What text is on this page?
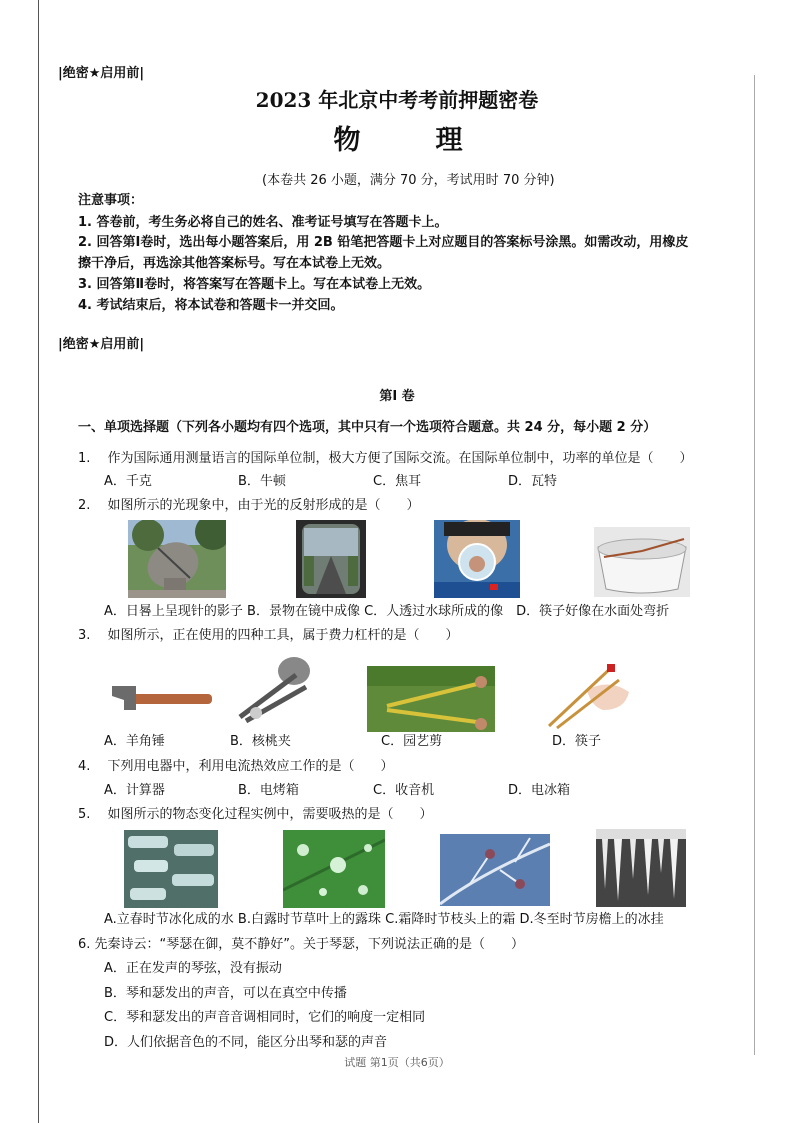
|绝密★启用前|
2023 年北京中考考前押题密卷
物　理
(本卷共 26 小题，满分 70 分，考试用时 70 分钟)
注意事项：
1. 答卷前，考生务必将自己的姓名、准考证号填写在答题卡上。
2. 回答第Ⅰ卷时，选出每小题答案后，用 2B 铅笔把答题卡上对应题目的答案标号涂黑。如需改动，用橡皮
擦干净后，再选涂其他答案标号。写在本试卷上无效。
3. 回答第Ⅱ卷时，将答案写在答题卡上。写在本试卷上无效。
4. 考试结束后，将本试卷和答题卡一并交回。
|绝密★启用前|
第Ⅰ 卷
一、单项选择题（下列各小题均有四个选项，其中只有一个选项符合题意。共 24 分，每小题 2 分）
1.　 作为国际通用测量语言的国际单位制，极大方便了国际交流。在国际单位制中，功率的单位是（　　）
A．千克	B．牛顿	C．焦耳	D．瓦特
2.　 如图所示的光现象中，由于光的反射形成的是（　　）
A．日晷上呈现针的影子 B．景物在镜中成像 C．人透过水球所成的像　D．筷子好像在水面处弯折
3.　 如图所示，正在使用的四种工具，属于费力杠杆的是（　　）
A．羊角锤	B．核桃夹	C．园艺剪	D．筷子
4.　 下列用电器中，利用电流热效应工作的是（　　）
A．计算器	B．电烤箱	C．收音机	D．电冰箱
5.　 如图所示的物态变化过程实例中，需要吸热的是（　　）
A.立春时节冰化成的水 B.白露时节草叶上的露珠 C.霜降时节枝头上的霜 D.冬至时节房檐上的冰挂
6. 先秦诗云：“琴瑟在御，莫不静好”。关于琴瑟，下列说法正确的是（　　）
A．正在发声的琴弦，没有振动
B．琴和瑟发出的声音，可以在真空中传播
C．琴和瑟发出的声音音调相同时，它们的响度一定相同
D．人们依据音色的不同，能区分出琴和瑟的声音
试题 第1页（共6页）
